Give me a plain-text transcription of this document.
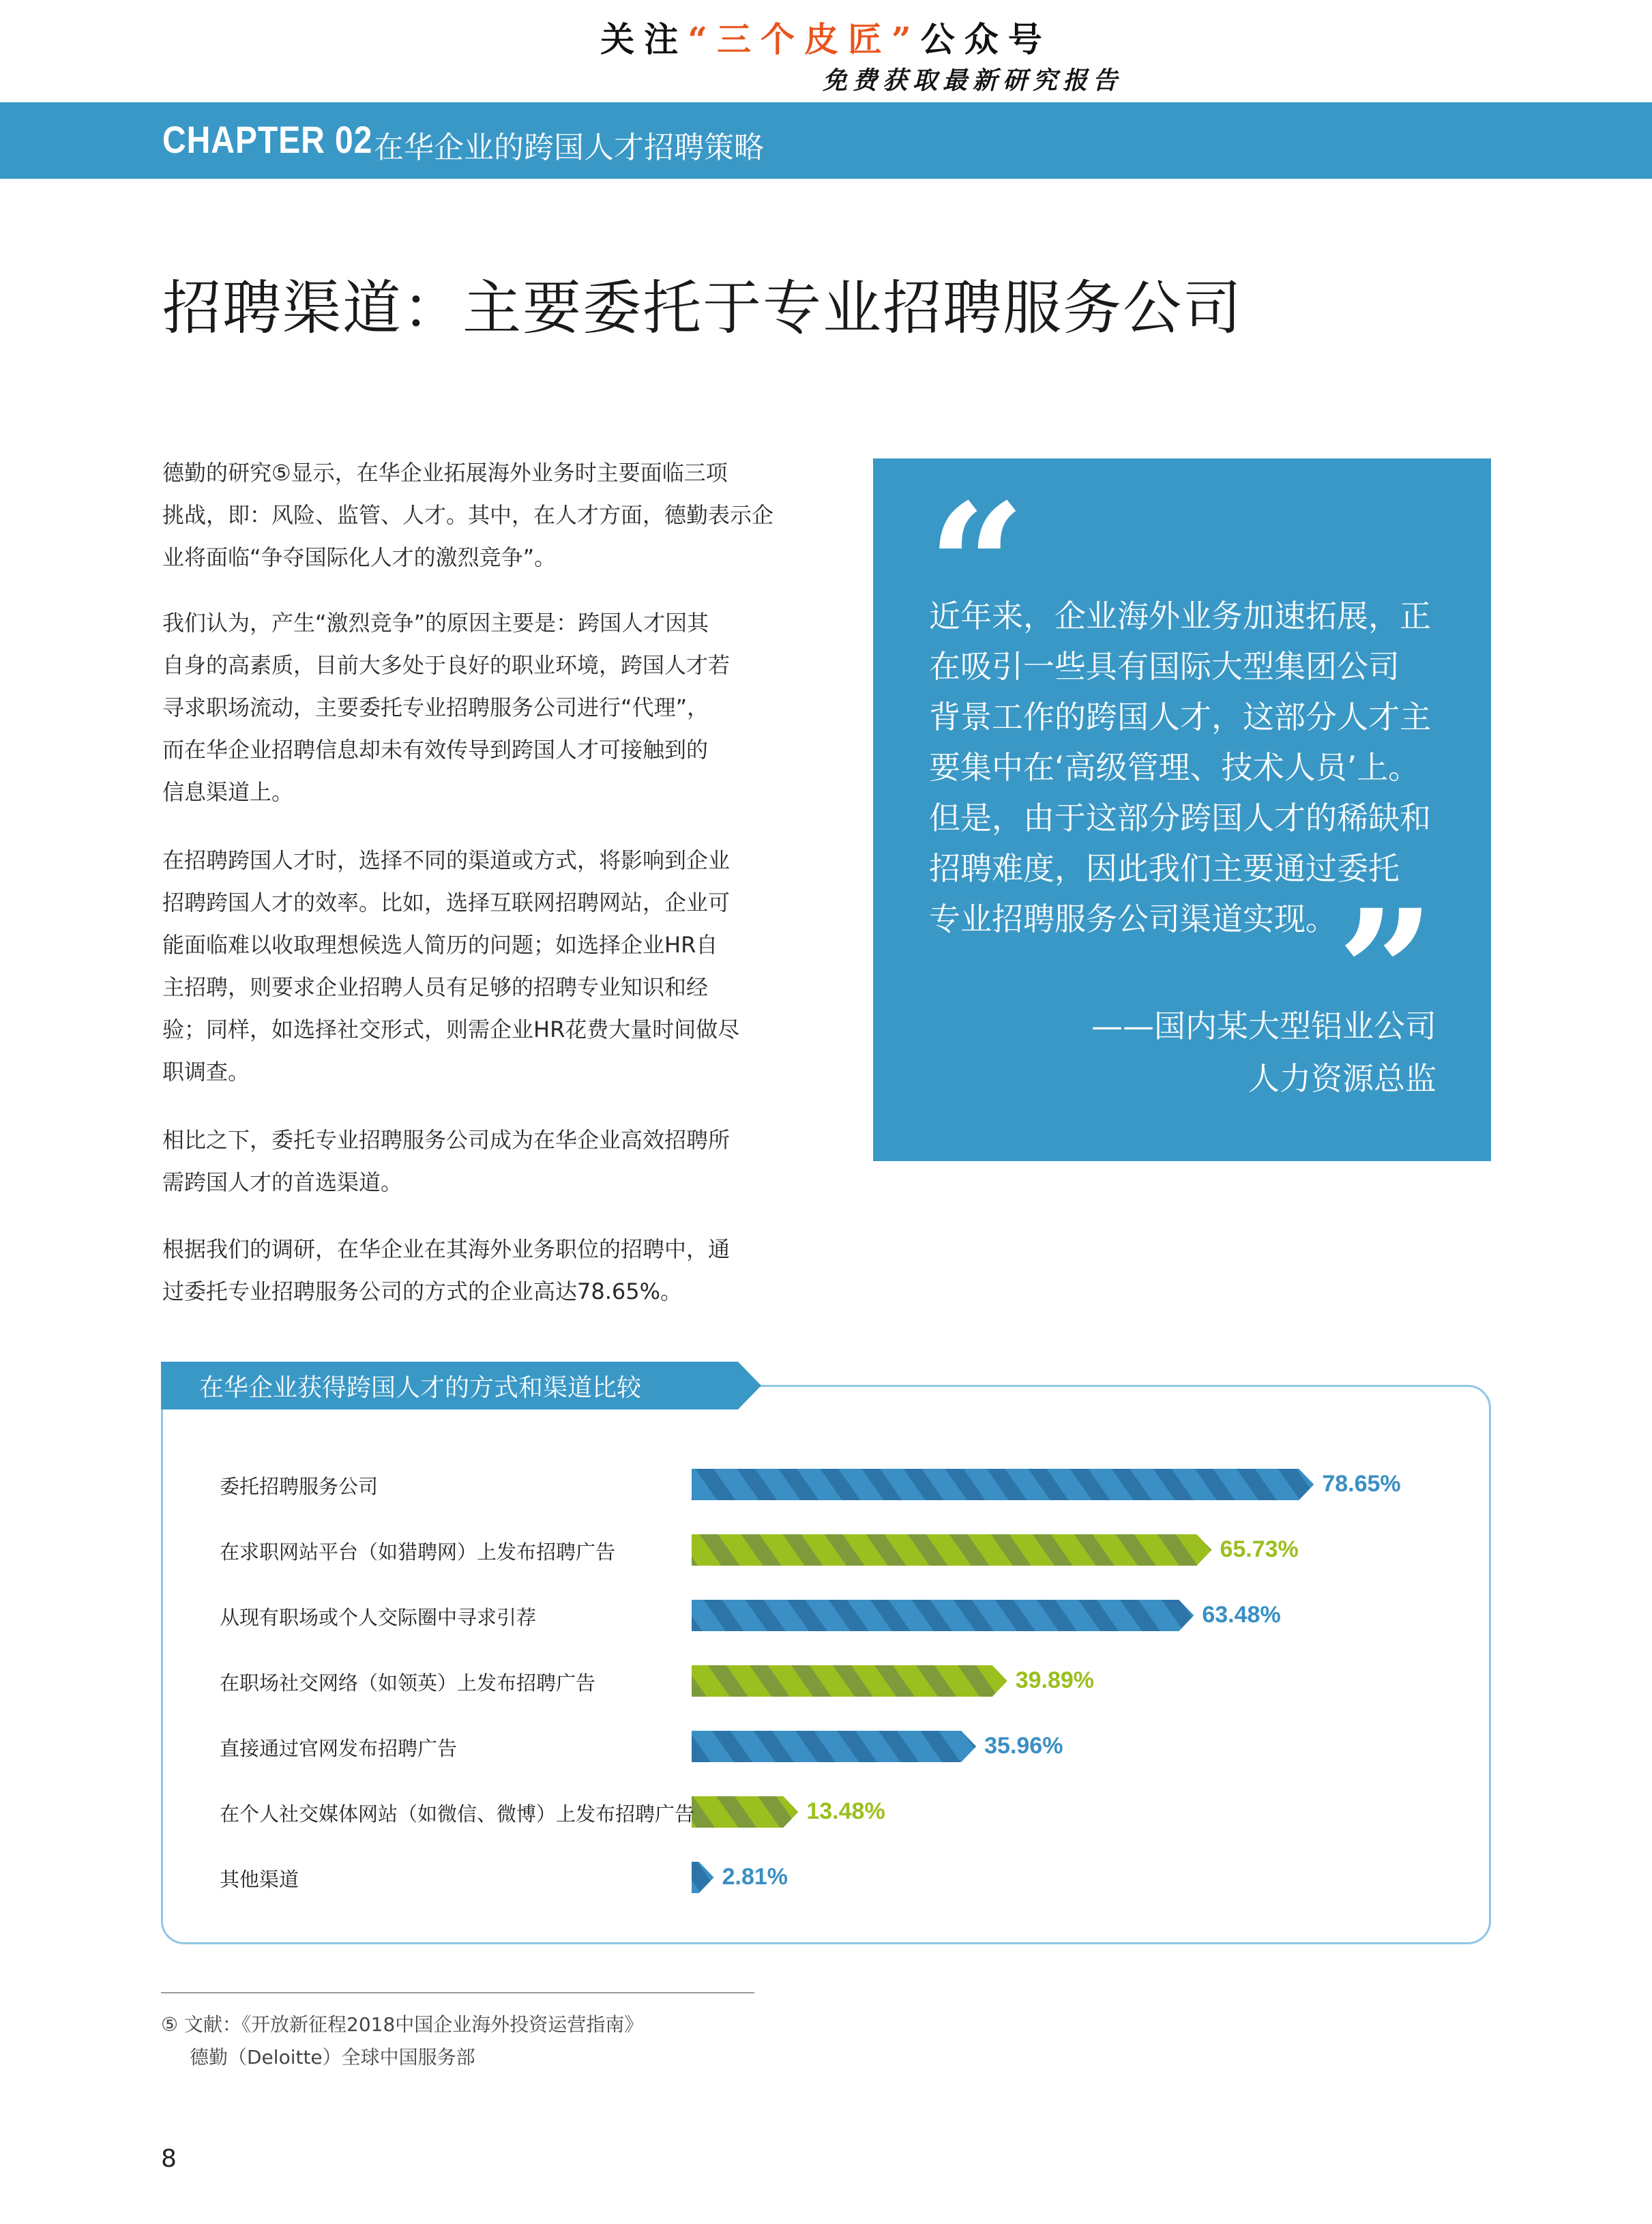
关注“三个皮匠”公众号
免费获取最新研究报告
CHAPTER 02 在华企业的跨国人才招聘策略
招聘渠道：主要委托于专业招聘服务公司

德勤的研究⑤显示，在华企业拓展海外业务时主要面临三项

挑战，即：风险、监管、人才。其中，在人才方面，德勤表示企

业将面临“争夺国际化人才的激烈竞争”。

我们认为，产生“激烈竞争”的原因主要是：跨国人才因其

自身的高素质，目前大多处于良好的职业环境，跨国人才若

寻求职场流动，主要委托专业招聘服务公司进行“代理”，

而在华企业招聘信息却未有效传导到跨国人才可接触到的

信息渠道上。

在招聘跨国人才时，选择不同的渠道或方式，将影响到企业

招聘跨国人才的效率。比如，选择互联网招聘网站，企业可

能面临难以收取理想候选人简历的问题；如选择企业HR自

主招聘，则要求企业招聘人员有足够的招聘专业知识和经

验；同样，如选择社交形式，则需企业HR花费大量时间做尽

职调查。

相比之下，委托专业招聘服务公司成为在华企业高效招聘所

需跨国人才的首选渠道。

根据我们的调研，在华企业在其海外业务职位的招聘中，通

过委托专业招聘服务公司的方式的企业高达78.65%。

“
近年来，企业海外业务加速拓展，正
在吸引一些具有国际大型集团公司
背景工作的跨国人才，这部分人才主
要集中在‘高级管理、技术人员’上。
但是，由于这部分跨国人才的稀缺和
招聘难度，因此我们主要通过委托
专业招聘服务公司渠道实现。 ”
——国内某大型铝业公司
人力资源总监
在华企业获得跨国人才的方式和渠道比较
委托招聘服务公司	78.65%
在求职网站平台（如猎聘网）上发布招聘广告	65.73%
从现有职场或个人交际圈中寻求引荐	63.48%
在职场社交网络（如领英）上发布招聘广告	39.89%
直接通过官网发布招聘广告	35.96%
在个人社交媒体网站（如微信、微博）上发布招聘广告	13.48%
其他渠道	2.81%
⑤ 文献：《开放新征程2018中国企业海外投资运营指南》
德勤（Deloitte）全球中国服务部
8
